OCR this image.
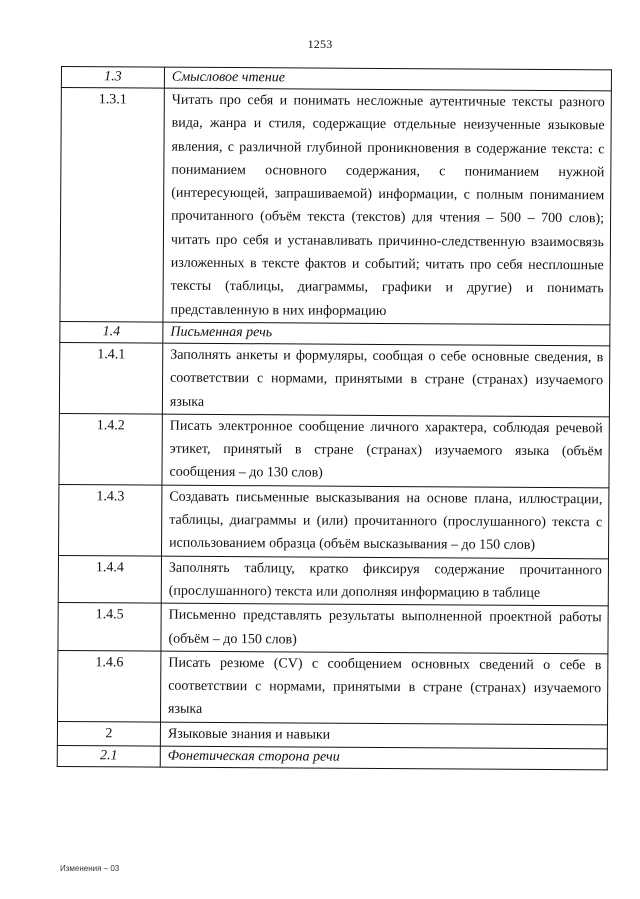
1253
1.3	Смысловое чтение
1.3.1	Читать про себя и понимать несложные аутентичные тексты разного вида, жанра и стиля, содержащие отдельные неизученные языковые явления, с различной глубиной проникновения в содержание текста: с пониманием основного содержания, с пониманием нужной (интересующей, запрашиваемой) информации, с полным пониманием прочитанного (объём текста (текстов) для чтения – 500 – 700 слов); читать про себя и устанавливать причинно-следственную взаимосвязь изложенных в тексте фактов и событий; читать про себя несплошные тексты (таблицы, диаграммы, графики и другие) и понимать представленную в них информацию
1.4	Письменная речь
1.4.1	Заполнять анкеты и формуляры, сообщая о себе основные сведения, в соответствии с нормами, принятыми в стране (странах) изучаемого языка
1.4.2	Писать электронное сообщение личного характера, соблюдая речевой этикет, принятый в стране (странах) изучаемого языка (объём сообщения – до 130 слов)
1.4.3	Создавать письменные высказывания на основе плана, иллюстрации, таблицы, диаграммы и (или) прочитанного (прослушанного) текста с использованием образца (объём высказывания – до 150 слов)
1.4.4	Заполнять таблицу, кратко фиксируя содержание прочитанного (прослушанного) текста или дополняя информацию в таблице
1.4.5	Письменно представлять результаты выполненной проектной работы (объём – до 150 слов)
1.4.6	Писать резюме (CV) с сообщением основных сведений о себе в соответствии с нормами, принятыми в стране (странах) изучаемого языка
2	Языковые знания и навыки
2.1	Фонетическая сторона речи
Изменения – 03
